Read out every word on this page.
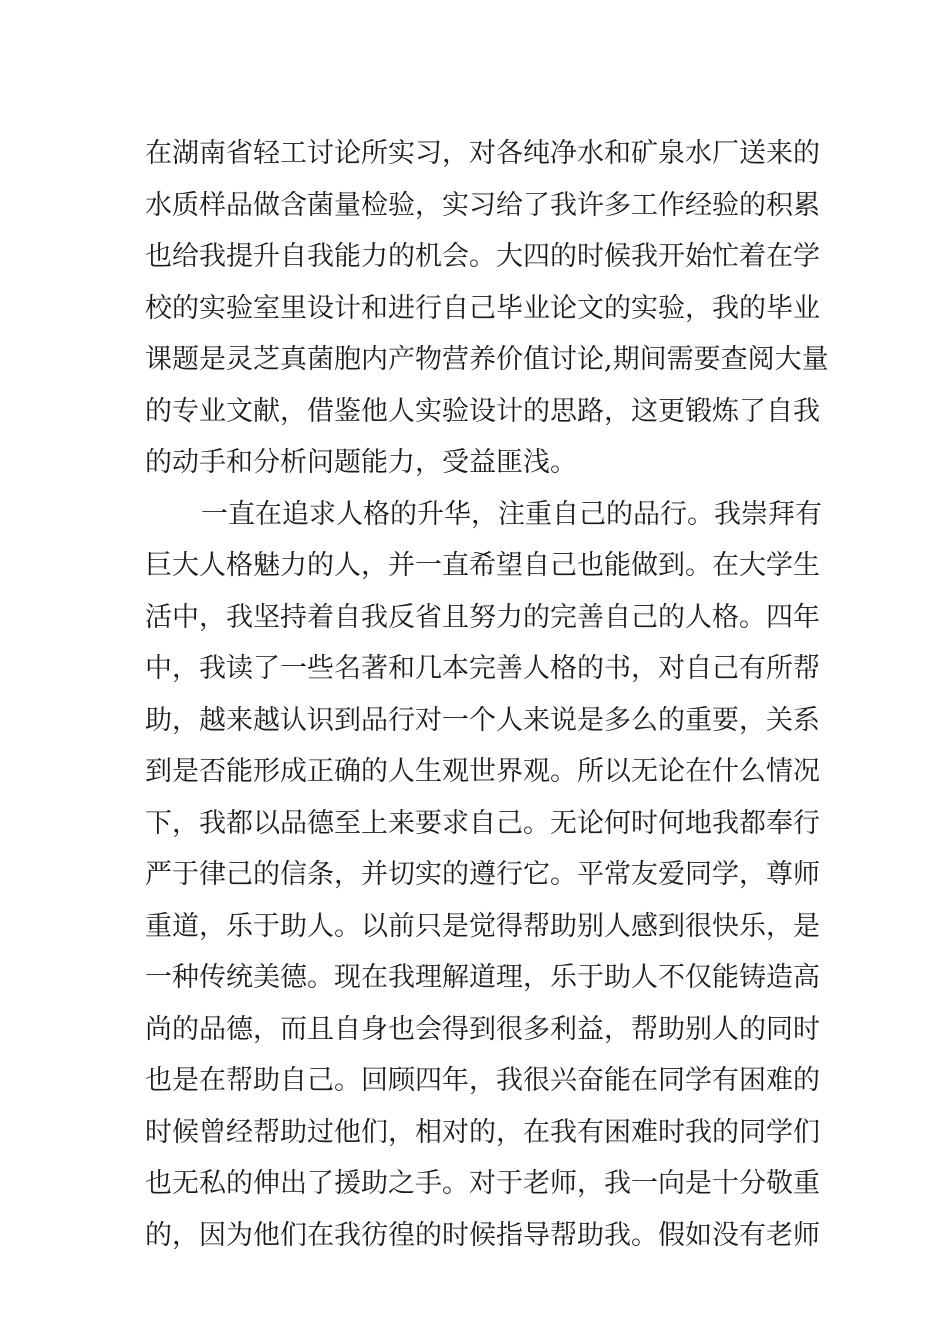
在湖南省轻工讨论所实习，对各纯净水和矿泉水厂送来的
水质样品做含菌量检验，实习给了我许多工作经验的积累
也给我提升自我能力的机会。大四的时候我开始忙着在学
校的实验室里设计和进行自己毕业论文的实验，我的毕业
课题是灵芝真菌胞内产物营养价值讨论,期间需要查阅大量
的专业文献，借鉴他人实验设计的思路，这更锻炼了自我
的动手和分析问题能力，受益匪浅。
一直在追求人格的升华，注重自己的品行。我崇拜有
巨大人格魅力的人，并一直希望自己也能做到。在大学生
活中，我坚持着自我反省且努力的完善自己的人格。四年
中，我读了一些名著和几本完善人格的书，对自己有所帮
助，越来越认识到品行对一个人来说是多么的重要，关系
到是否能形成正确的人生观世界观。所以无论在什么情况
下，我都以品德至上来要求自己。无论何时何地我都奉行
严于律己的信条，并切实的遵行它。平常友爱同学，尊师
重道，乐于助人。以前只是觉得帮助别人感到很快乐，是
一种传统美德。现在我理解道理，乐于助人不仅能铸造高
尚的品德，而且自身也会得到很多利益，帮助别人的同时
也是在帮助自己。回顾四年，我很兴奋能在同学有困难的
时候曾经帮助过他们，相对的，在我有困难时我的同学们
也无私的伸出了援助之手。对于老师，我一向是十分敬重
的，因为他们在我彷徨的时候指导帮助我。假如没有老师
